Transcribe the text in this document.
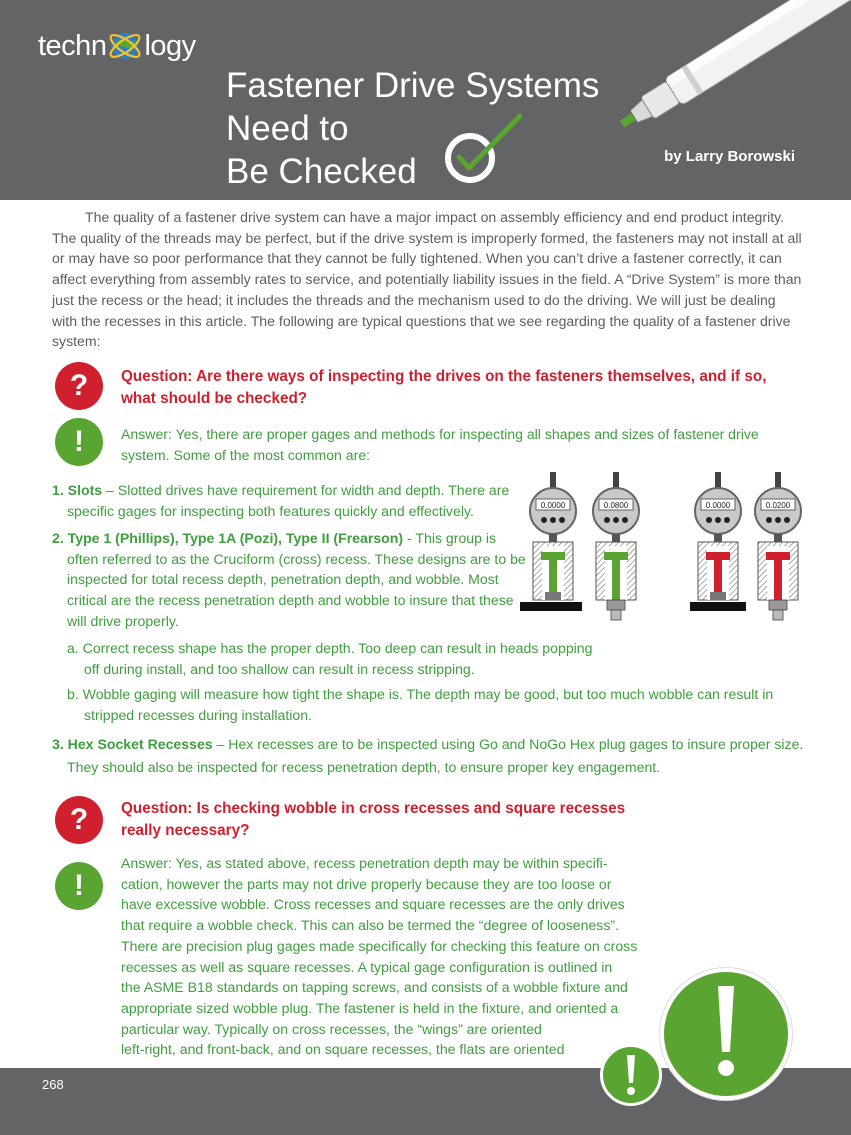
techn logy
Fastener Drive Systems
Need to
Be Checked	by Larry Borowski
The quality of a fastener drive system can have a major impact on assembly efficiency and end product integrity. The quality of the threads may be perfect, but if the drive system is improperly formed, the fasteners may not install at all or may have so poor performance that they cannot be fully tightened. When you can’t drive a fastener correctly, it can affect everything from assembly rates to service, and potentially liability issues in the field. A “Drive System” is more than just the recess or the head; it includes the threads and the mechanism used to do the driving. We will just be dealing with the recesses in this article. The following are typical questions that we see regarding the quality of a fastener drive system:
?	Question: Are there ways of inspecting the drives on the fasteners themselves, and if so, what should be checked?
!	Answer: Yes, there are proper gages and methods for inspecting all shapes and sizes of fastener drive system. Some of the most common are:
1. Slots – Slotted drives have requirement for width and depth. There are specific gages for inspecting both features quickly and effectively.
2. Type 1 (Phillips), Type 1A (Pozi), Type II (Frearson) - This group is often referred to as the Cruciform (cross) recess. These designs are to be inspected for total recess depth, penetration depth, and wobble. Most critical are the recess penetration depth and wobble to insure that these will drive properly.
a. Correct recess shape has the proper depth. Too deep can result in heads popping off during install, and too shallow can result in recess stripping.
b. Wobble gaging will measure how tight the shape is. The depth may be good, but too much wobble can result in stripped recesses during installation.
3. Hex Socket Recesses – Hex recesses are to be inspected using Go and NoGo Hex plug gages to insure proper size. They should also be inspected for recess penetration depth, to ensure proper key engagement.
0.0000	0.0800	0.0000	0.0200
?	Question: Is checking wobble in cross recesses and square recesses
really necessary?
!
Answer: Yes, as stated above, recess penetration depth may be within specifi-
cation, however the parts may not drive properly because they are too loose or
have excessive wobble. Cross recesses and square recesses are the only drives
that require a wobble check. This can also be termed the “degree of looseness”.
There are precision plug gages made specifically for checking this feature on cross
recesses as well as square recesses. A typical gage configuration is outlined in
the ASME B18 standards on tapping screws, and consists of a wobble fixture and
appropriate sized wobble plug. The fastener is held in the fixture, and oriented a
particular way. Typically on cross recesses, the “wings” are oriented
left-right, and front-back, and on square recesses, the flats are oriented
268
